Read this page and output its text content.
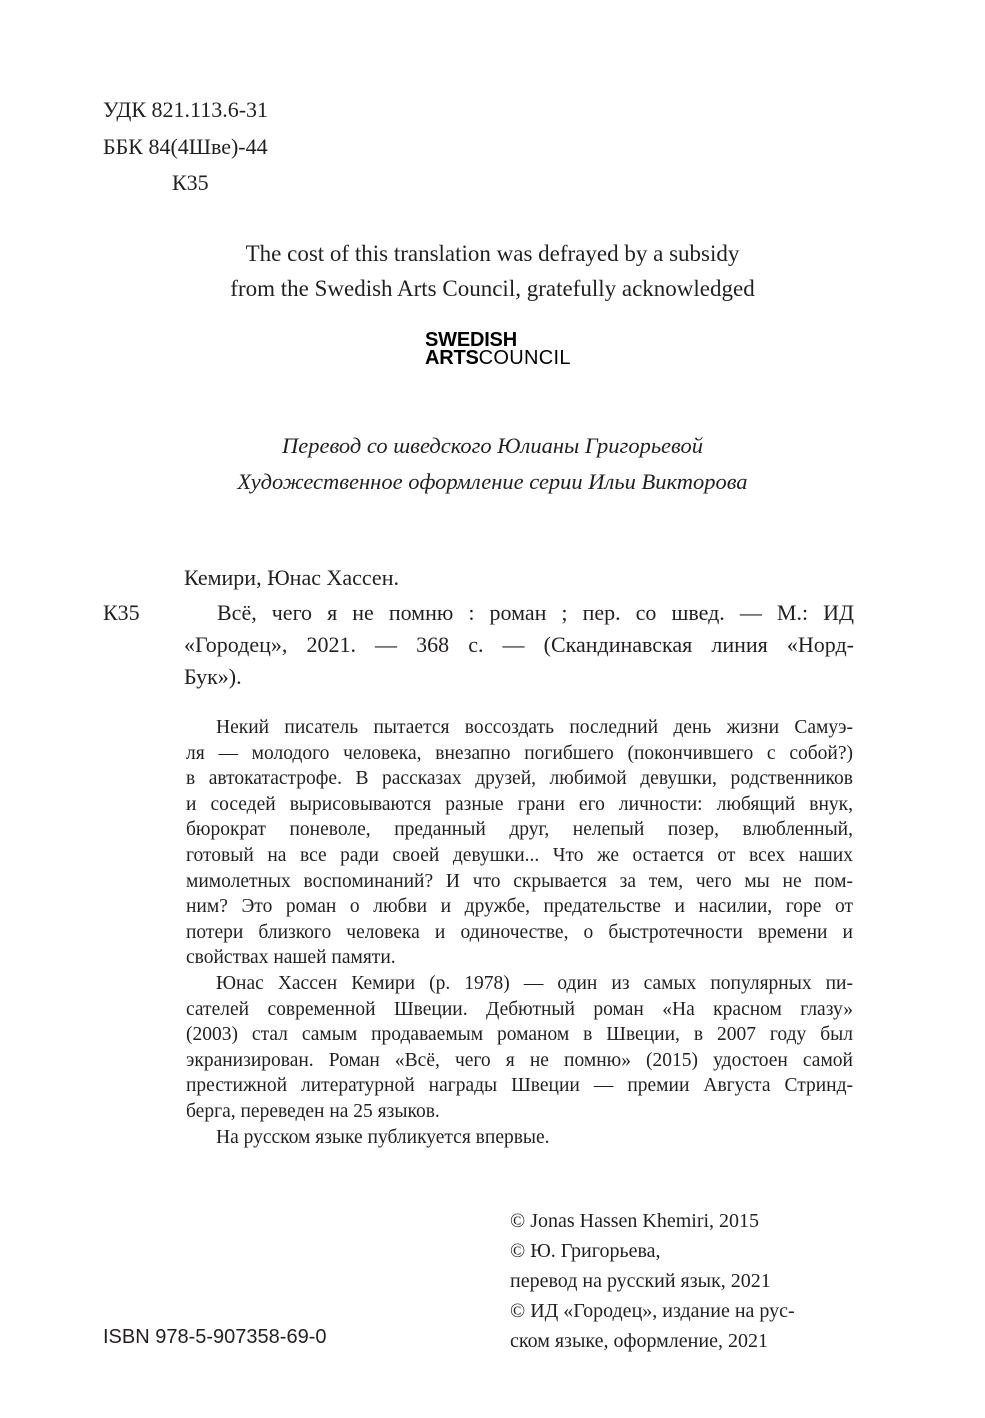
УДК 821.113.6-31
ББК 84(4Шве)-44
К35
The cost of this translation was defrayed by a subsidy
from the Swedish Arts Council, gratefully acknowledged
SWEDISH
ARTSCOUNCIL
Перевод со шведского Юлианы Григорьевой
Художественное оформление серии Ильи Викторова
Кемири, Юнас Хассен.
К35	Всё, чего я не помню : роман ; пер. со швед. — М.: ИД
«Городец», 2021. — 368 с. — (Скандинавская линия «Норд-
Бук»).
Некий писатель пытается воссоздать последний день жизни Самуэ-
ля — молодого человека, внезапно погибшего (покончившего с собой?)
в автокатастрофе. В рассказах друзей, любимой девушки, родственников
и соседей вырисовываются разные грани его личности: любящий внук,
бюрократ поневоле, преданный друг, нелепый позер, влюбленный,
готовый на все ради своей девушки... Что же остается от всех наших
мимолетных воспоминаний? И что скрывается за тем, чего мы не пом-
ним? Это роман о любви и дружбе, предательстве и насилии, горе от
потери близкого человека и одиночестве, о быстротечности времени и
свойствах нашей памяти.
Юнас Хассен Кемири (р. 1978) — один из самых популярных пи-
сателей современной Швеции. Дебютный роман «На красном глазу»
(2003) стал самым продаваемым романом в Швеции, в 2007 году был
экранизирован. Роман «Всё, чего я не помню» (2015) удостоен самой
престижной литературной награды Швеции — премии Августа Стринд-
берга, переведен на 25 языков.
На русском языке публикуется впервые.
© Jonas Hassen Khemiri, 2015
© Ю. Григорьева,
перевод на русский язык, 2021
© ИД «Городец», издание на рус-
ском языке, оформление, 2021
ISBN 978-5-907358-69-0
